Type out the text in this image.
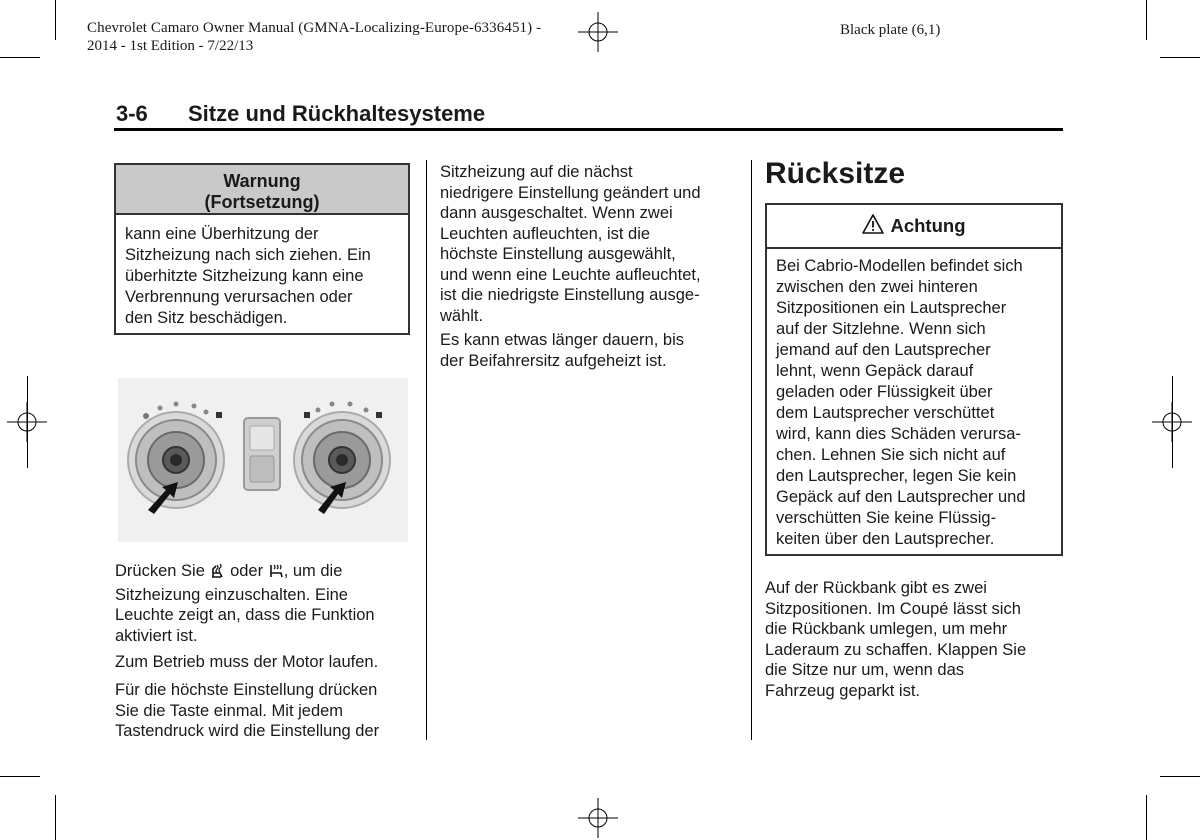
Chevrolet Camaro Owner Manual (GMNA-Localizing-Europe-6336451) -
2014 - 1st Edition - 7/22/13
Black plate (6,1)
3-6 Sitze und Rückhaltesysteme
Warnung
(Fortsetzung)
kann eine Überhitzung der
Sitzheizung nach sich ziehen. Ein
überhitzte Sitzheizung kann eine
Verbrennung verursachen oder
den Sitz beschädigen.
Drücken Sie oder , um die
Sitzheizung einzuschalten. Eine
Leuchte zeigt an, dass die Funktion
aktiviert ist.
Zum Betrieb muss der Motor laufen.
Für die höchste Einstellung drücken
Sie die Taste einmal. Mit jedem
Tastendruck wird die Einstellung der
Sitzheizung auf die nächst
niedrigere Einstellung geändert und
dann ausgeschaltet. Wenn zwei
Leuchten aufleuchten, ist die
höchste Einstellung ausgewählt,
und wenn eine Leuchte aufleuchtet,
ist die niedrigste Einstellung ausge-
wählt.
Es kann etwas länger dauern, bis
der Beifahrersitz aufgeheizt ist.
Rücksitze
Achtung
Bei Cabrio-Modellen befindet sich
zwischen den zwei hinteren
Sitzpositionen ein Lautsprecher
auf der Sitzlehne. Wenn sich
jemand auf den Lautsprecher
lehnt, wenn Gepäck darauf
geladen oder Flüssigkeit über
dem Lautsprecher verschüttet
wird, kann dies Schäden verursa-
chen. Lehnen Sie sich nicht auf
den Lautsprecher, legen Sie kein
Gepäck auf den Lautsprecher und
verschütten Sie keine Flüssig-
keiten über den Lautsprecher.
Auf der Rückbank gibt es zwei
Sitzpositionen. Im Coupé lässt sich
die Rückbank umlegen, um mehr
Laderaum zu schaffen. Klappen Sie
die Sitze nur um, wenn das
Fahrzeug geparkt ist.
